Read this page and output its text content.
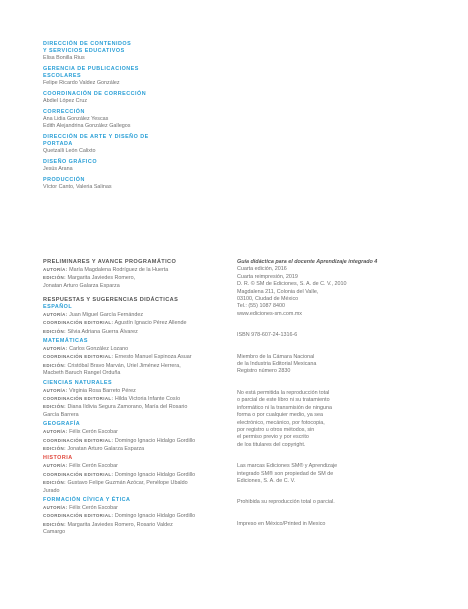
DIRECCIÓN DE CONTENIDOS
Y SERVICIOS EDUCATIVOS
Elisa Bonilla Rius
GERENCIA DE PUBLICACIONES
ESCOLARES
Felipe Ricardo Valdez González
COORDINACIÓN DE CORRECCIÓN
Abdiel López Cruz
CORRECCIÓN
Ana Lidia González Yescas
Edith Alejandrina González Gallegos
DIRECCIÓN DE ARTE Y DISEÑO DE
PORTADA
Quetzalli León Calixto
DISEÑO GRÁFICO
Jesús Arana
PRODUCCIÓN
Víctor Canto, Valeria Salinas
PRELIMINARES Y AVANCE PROGRAMÁTICO
AUTORÍA: María Magdalena Rodríguez de la Huerta
EDICIÓN: Margarita Javiedes Romero,
Jonatan Arturo Galarza Esparza
RESPUESTAS Y SUGERENCIAS DIDÁCTICAS
ESPAÑOL
AUTORÍA: Juan Miguel García Fernández
COORDINACIÓN EDITORIAL: Agustín Ignacio Pérez Allende
EDICIÓN: Silvia Adriana Guerra Álvarez
MATEMÁTICAS
AUTORÍA: Carlos González Lozano
COORDINACIÓN EDITORIAL: Ernesto Manuel Espinoza Asuar
EDICIÓN: Cristóbal Bravo Marván, Uriel Jiménez Herrera,
Macbeth Baruch Rangel Orduña
CIENCIAS NATURALES
AUTORÍA: Virginia Rosa Barreto Pérez
COORDINACIÓN EDITORIAL: Hilda Victoria Infante Cosío
EDICIÓN: Diana Ildivia Segura Zamorano, María del Rosario
García Barrera
GEOGRAFÍA
AUTORÍA: Félix Cerón Escobar
COORDINACIÓN EDITORIAL: Domingo Ignacio Hidalgo Gordillo
EDICIÓN: Jonatan Arturo Galarza Esparza
HISTORIA
AUTORÍA: Félix Cerón Escobar
COORDINACIÓN EDITORIAL: Domingo Ignacio Hidalgo Gordillo
EDICIÓN: Gustavo Felipe Guzmán Azócar, Penélope Ubaldo
Jurado
FORMACIÓN CÍVICA Y ÉTICA
AUTORÍA: Félix Cerón Escobar
COORDINACIÓN EDITORIAL: Domingo Ignacio Hidalgo Gordillo
EDICIÓN: Margarita Javiedes Romero, Rosario Valdez
Camargo
Guía didáctica para el docente Aprendizaje integrado 4
Cuarta edición, 2016
Cuarta reimpresión, 2019
D. R. © SM de Ediciones, S. A. de C. V., 2010
Magdalena 211, Colonia del Valle,
03100, Ciudad de México
Tel.: (55) 1087 8400
www.ediciones-sm.com.mx
ISBN 978-607-24-1316-6
Miembro de la Cámara Nacional
de la Industria Editorial Mexicana
Registro número 2830
No está permitida la reproducción total
o parcial de este libro ni su tratamiento
informático ni la transmisión de ninguna
forma o por cualquier medio, ya sea
electrónico, mecánico, por fotocopia,
por registro u otros métodos, sin
el permiso previo y por escrito
de los titulares del copyright.
Las marcas Ediciones SM® y Aprendizaje
integrado SM® son propiedad de SM de
Ediciones, S. A. de C. V.
Prohibida su reproducción total o parcial.
Impreso en México/Printed in Mexico
